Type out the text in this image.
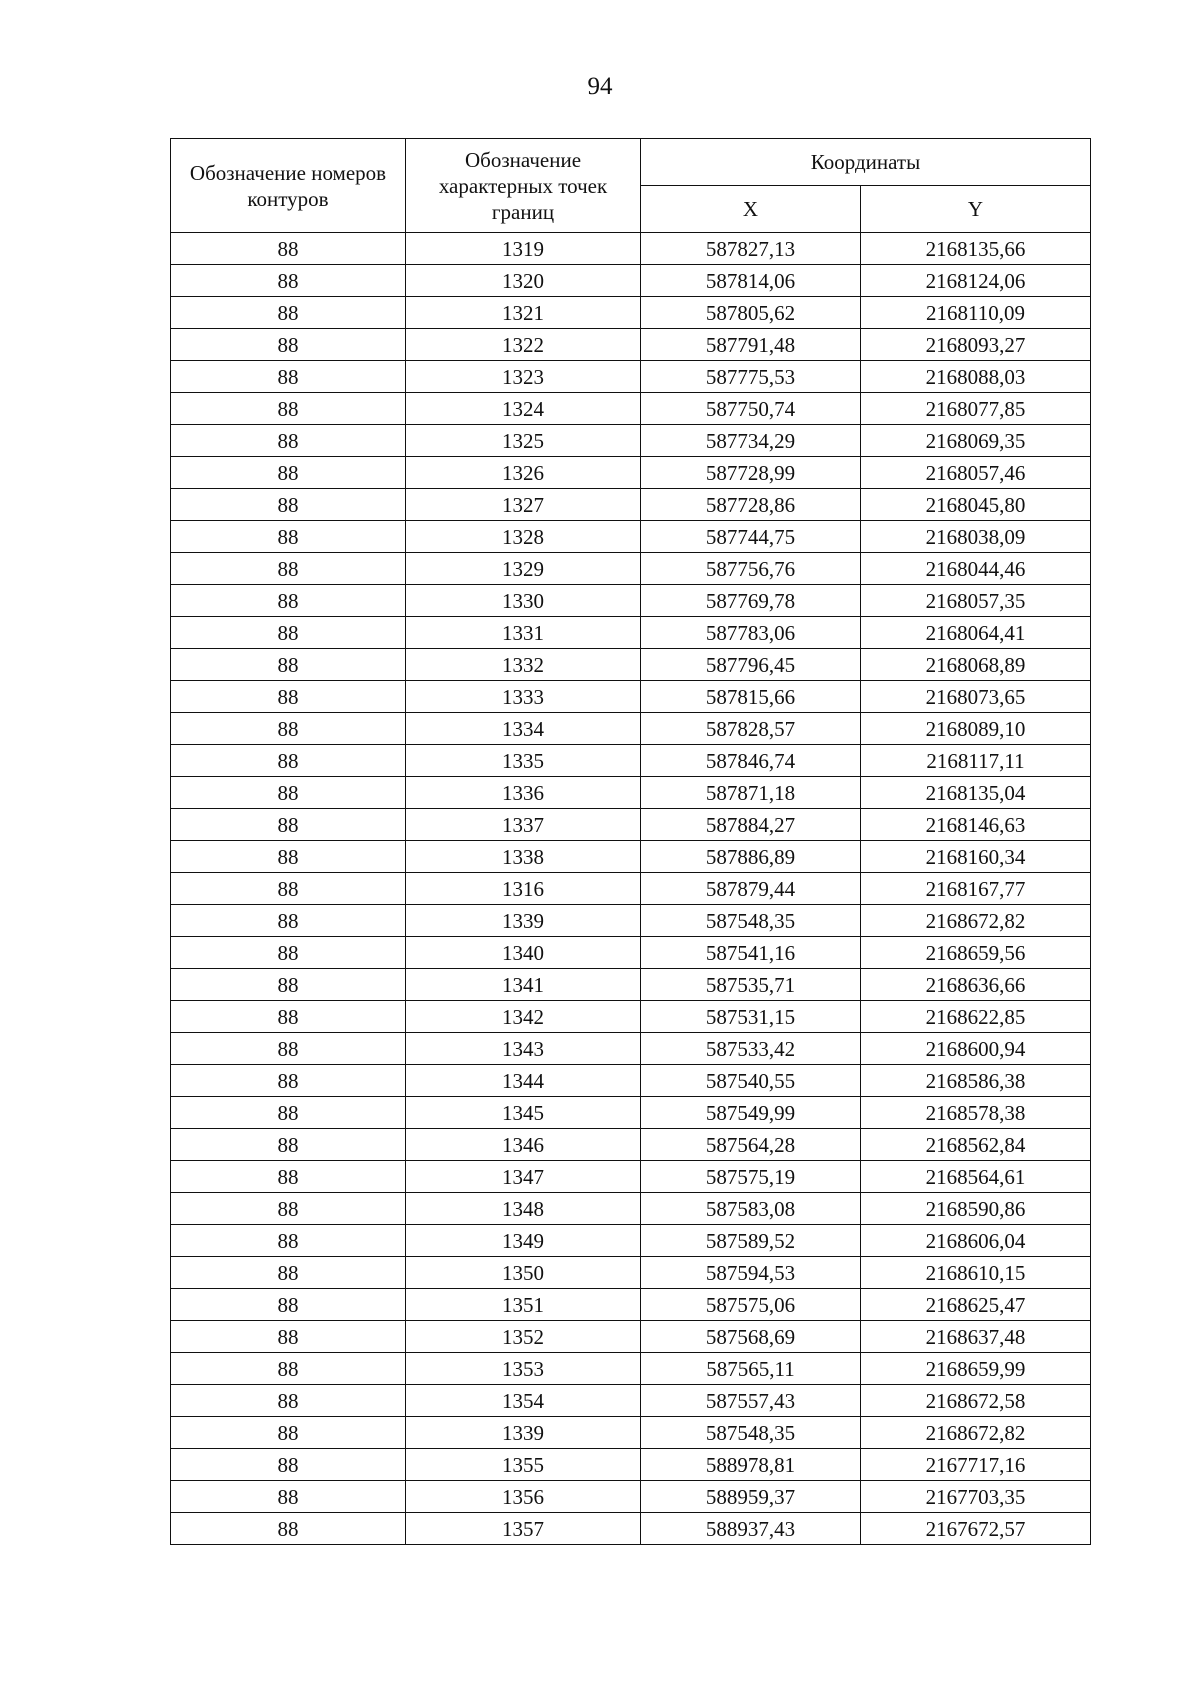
94
Обозначение номеров контуров	Обозначение характерных точек границ	Координаты	
		X	Y
88	1319	587827,13	2168135,66
88	1320	587814,06	2168124,06
88	1321	587805,62	2168110,09
88	1322	587791,48	2168093,27
88	1323	587775,53	2168088,03
88	1324	587750,74	2168077,85
88	1325	587734,29	2168069,35
88	1326	587728,99	2168057,46
88	1327	587728,86	2168045,80
88	1328	587744,75	2168038,09
88	1329	587756,76	2168044,46
88	1330	587769,78	2168057,35
88	1331	587783,06	2168064,41
88	1332	587796,45	2168068,89
88	1333	587815,66	2168073,65
88	1334	587828,57	2168089,10
88	1335	587846,74	2168117,11
88	1336	587871,18	2168135,04
88	1337	587884,27	2168146,63
88	1338	587886,89	2168160,34
88	1316	587879,44	2168167,77
88	1339	587548,35	2168672,82
88	1340	587541,16	2168659,56
88	1341	587535,71	2168636,66
88	1342	587531,15	2168622,85
88	1343	587533,42	2168600,94
88	1344	587540,55	2168586,38
88	1345	587549,99	2168578,38
88	1346	587564,28	2168562,84
88	1347	587575,19	2168564,61
88	1348	587583,08	2168590,86
88	1349	587589,52	2168606,04
88	1350	587594,53	2168610,15
88	1351	587575,06	2168625,47
88	1352	587568,69	2168637,48
88	1353	587565,11	2168659,99
88	1354	587557,43	2168672,58
88	1339	587548,35	2168672,82
88	1355	588978,81	2167717,16
88	1356	588959,37	2167703,35
88	1357	588937,43	2167672,57
